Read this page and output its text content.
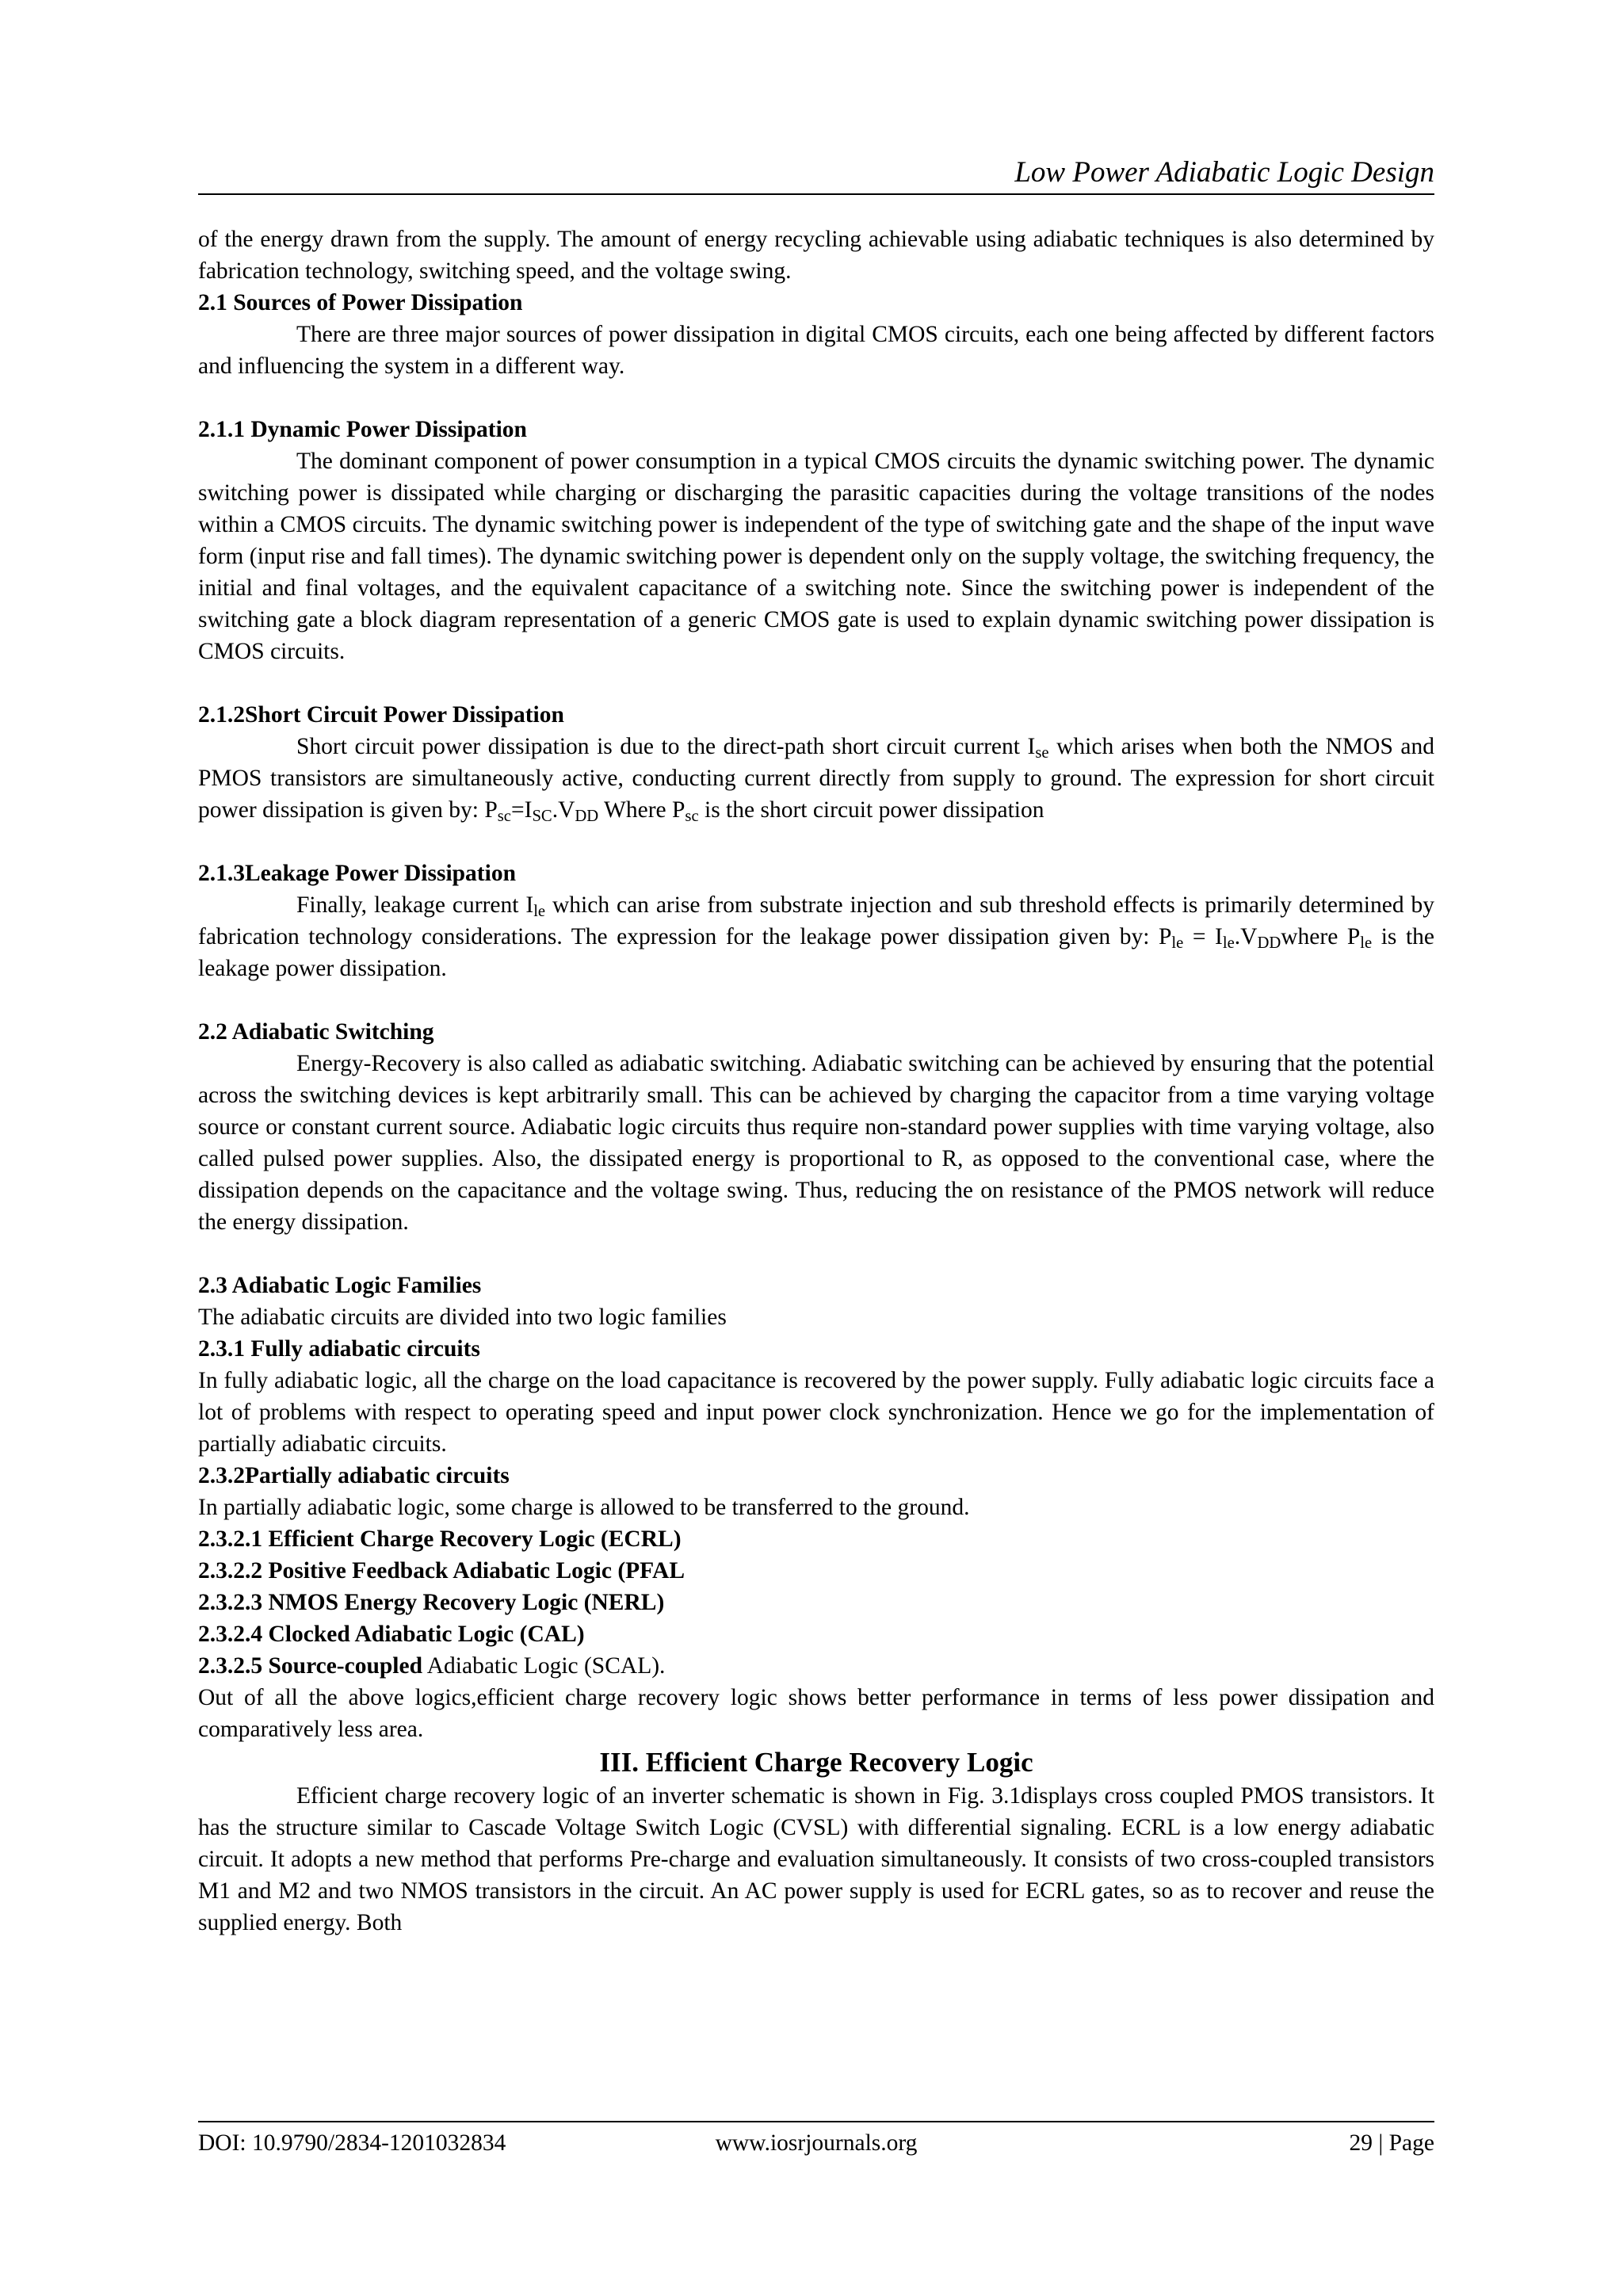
Low Power Adiabatic Logic Design

of the energy drawn from the supply. The amount of energy recycling achievable using adiabatic techniques is also determined by fabrication technology, switching speed, and the voltage swing.

2.1 Sources of Power Dissipation

There are three major sources of power dissipation in digital CMOS circuits, each one being affected by different factors and influencing the system in a different way.

2.1.1 Dynamic Power Dissipation

The dominant component of power consumption in a typical CMOS circuits the dynamic switching power. The dynamic switching power is dissipated while charging or discharging the parasitic capacities during the voltage transitions of the nodes within a CMOS circuits. The dynamic switching power is independent of the type of switching gate and the shape of the input wave form (input rise and fall times). The dynamic switching power is dependent only on the supply voltage, the switching frequency, the initial and final voltages, and the equivalent capacitance of a switching note. Since the switching power is independent of the switching gate a block diagram representation of a generic CMOS gate is used to explain dynamic switching power dissipation is CMOS circuits.

2.1.2Short Circuit Power Dissipation

Short circuit power dissipation is due to the direct-path short circuit current $I_{se}$ which arises when both the NMOS and PMOS transistors are simultaneously active, conducting current directly from supply to ground. The expression for short circuit power dissipation is given by: $P_{sc}=I_{SC}.V_{DD}$ Where $P_{sc}$ is the short circuit power dissipation

2.1.3Leakage Power Dissipation

Finally, leakage current $I_{le}$ which can arise from substrate injection and sub threshold effects is primarily determined by fabrication technology considerations. The expression for the leakage power dissipation given by: $P_{le}$ = $I_{le}.V_{DD}where$ $P_{le}$ is the leakage power dissipation.

2.2 Adiabatic Switching

Energy-Recovery is also called as adiabatic switching. Adiabatic switching can be achieved by ensuring that the potential across the switching devices is kept arbitrarily small. This can be achieved by charging the capacitor from a time varying voltage source or constant current source. Adiabatic logic circuits thus require non-standard power supplies with time varying voltage, also called pulsed power supplies. Also, the dissipated energy is proportional to R, as opposed to the conventional case, where the dissipation depends on the capacitance and the voltage swing. Thus, reducing the on resistance of the PMOS network will reduce the energy dissipation.

2.3 Adiabatic Logic Families

The adiabatic circuits are divided into two logic families

2.3.1 Fully adiabatic circuits

In fully adiabatic logic, all the charge on the load capacitance is recovered by the power supply. Fully adiabatic logic circuits face a lot of problems with respect to operating speed and input power clock synchronization. Hence we go for the implementation of partially adiabatic circuits.

2.3.2Partially adiabatic circuits

In partially adiabatic logic, some charge is allowed to be transferred to the ground.

2.3.2.1 Efficient Charge Recovery Logic (ECRL)

2.3.2.2 Positive Feedback Adiabatic Logic (PFAL

2.3.2.3 NMOS Energy Recovery Logic (NERL)

2.3.2.4 Clocked Adiabatic Logic (CAL)

2.3.2.5 Source-coupled Adiabatic Logic (SCAL).

Out of all the above logics,efficient charge recovery logic shows better performance in terms of less power dissipation and comparatively less area.

III. Efficient Charge Recovery Logic

Efficient charge recovery logic of an inverter schematic is shown in Fig. 3.1displays cross coupled PMOS transistors. It has the structure similar to Cascade Voltage Switch Logic (CVSL) with differential signaling. ECRL is a low energy adiabatic circuit. It adopts a new method that performs Pre-charge and evaluation simultaneously. It consists of two cross-coupled transistors M1 and M2 and two NMOS transistors in the circuit. An AC power supply is used for ECRL gates, so as to recover and reuse the supplied energy. Both

DOI: 10.9790/2834-1201032834	www.iosrjournals.org	29 | Page
